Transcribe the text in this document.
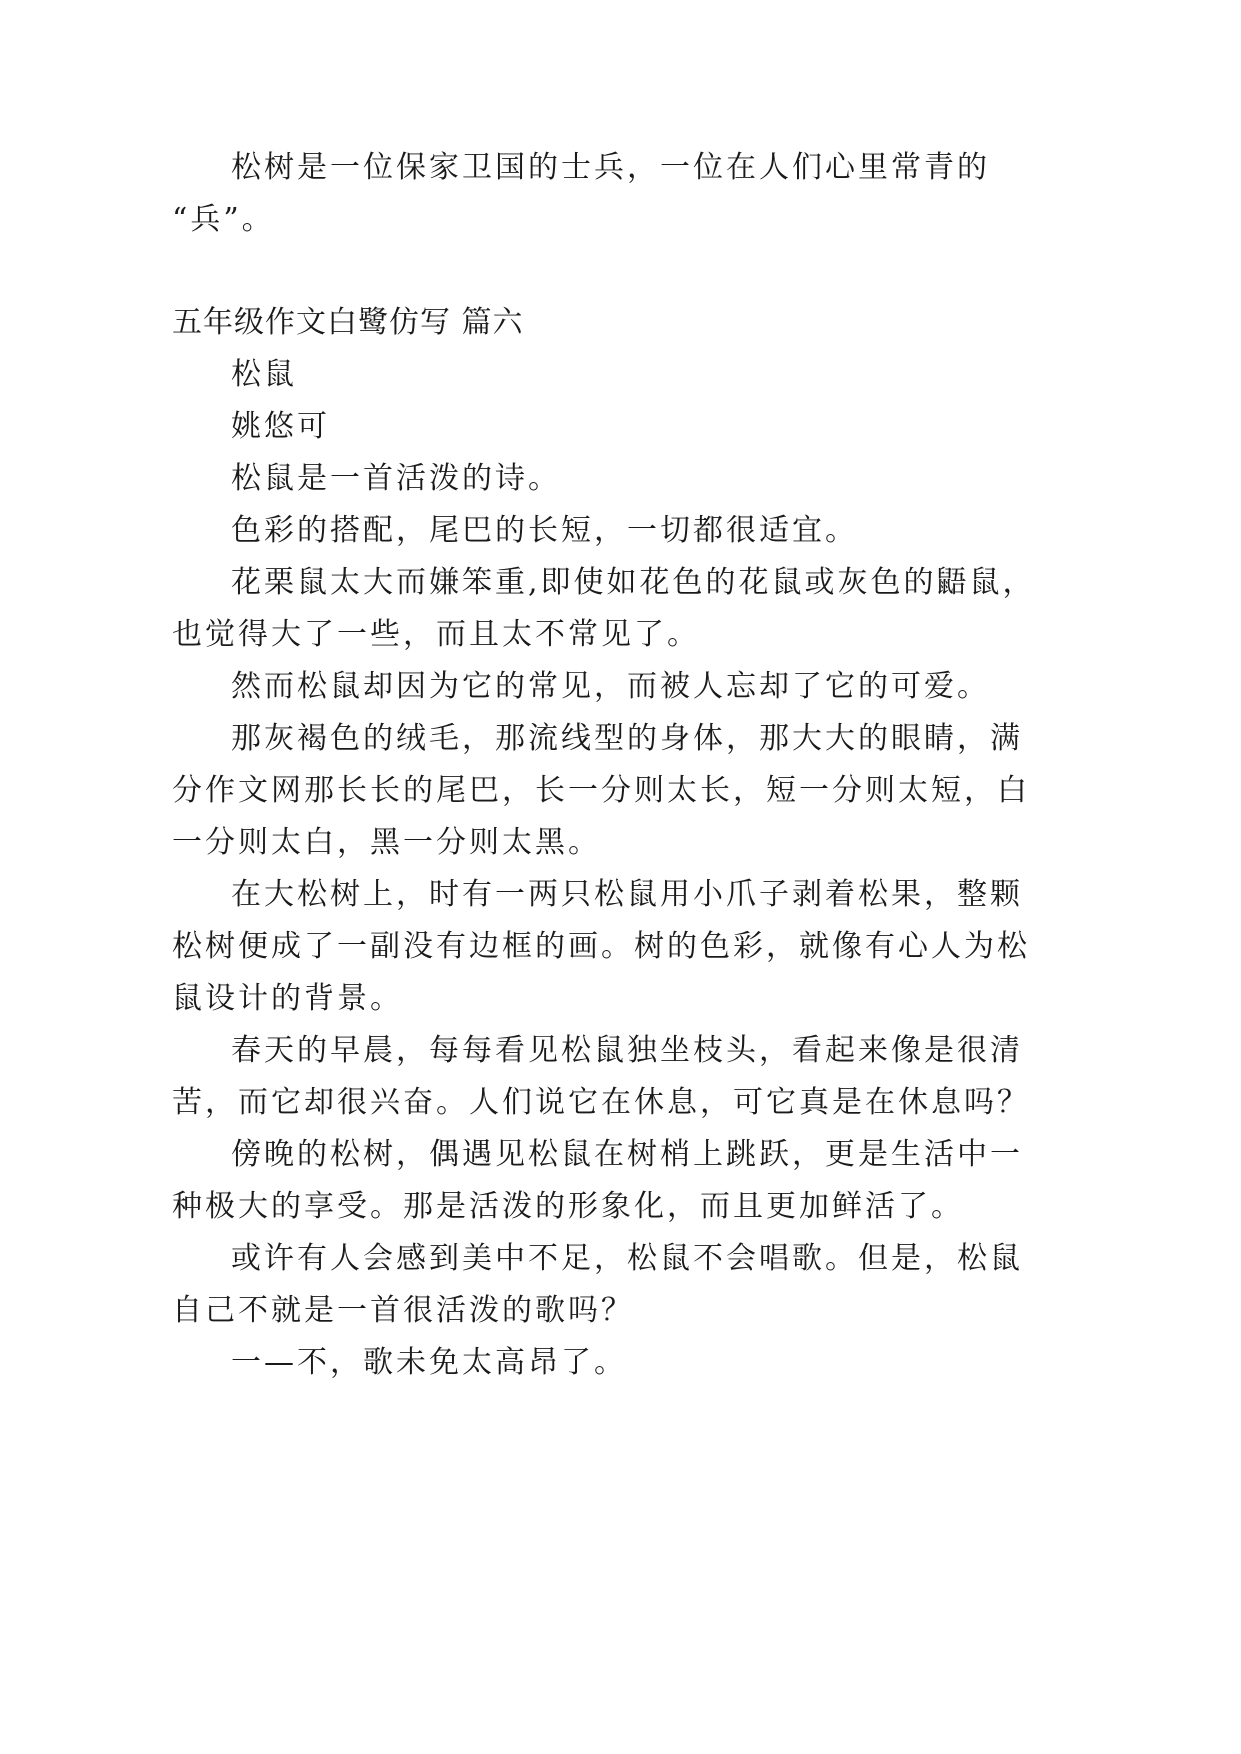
松树是一位保家卫国的士兵，一位在人们心里常青的
“兵”。
五年级作文白鹭仿写 篇六
松鼠
姚悠可
松鼠是一首活泼的诗。
色彩的搭配，尾巴的长短，一切都很适宜。
花栗鼠太大而嫌笨重,即使如花色的花鼠或灰色的鼯鼠，
也觉得大了一些，而且太不常见了。
然而松鼠却因为它的常见，而被人忘却了它的可爱。
那灰褐色的绒毛，那流线型的身体，那大大的眼睛，满
分作文网那长长的尾巴，长一分则太长，短一分则太短，白
一分则太白，黑一分则太黑。
在大松树上，时有一两只松鼠用小爪子剥着松果，整颗
松树便成了一副没有边框的画。树的色彩，就像有心人为松
鼠设计的背景。
春天的早晨，每每看见松鼠独坐枝头，看起来像是很清
苦，而它却很兴奋。人们说它在休息，可它真是在休息吗？
傍晚的松树，偶遇见松鼠在树梢上跳跃，更是生活中一
种极大的享受。那是活泼的形象化，而且更加鲜活了。
或许有人会感到美中不足，松鼠不会唱歌。但是，松鼠
自己不就是一首很活泼的歌吗？
一—不，歌未免太高昂了。
